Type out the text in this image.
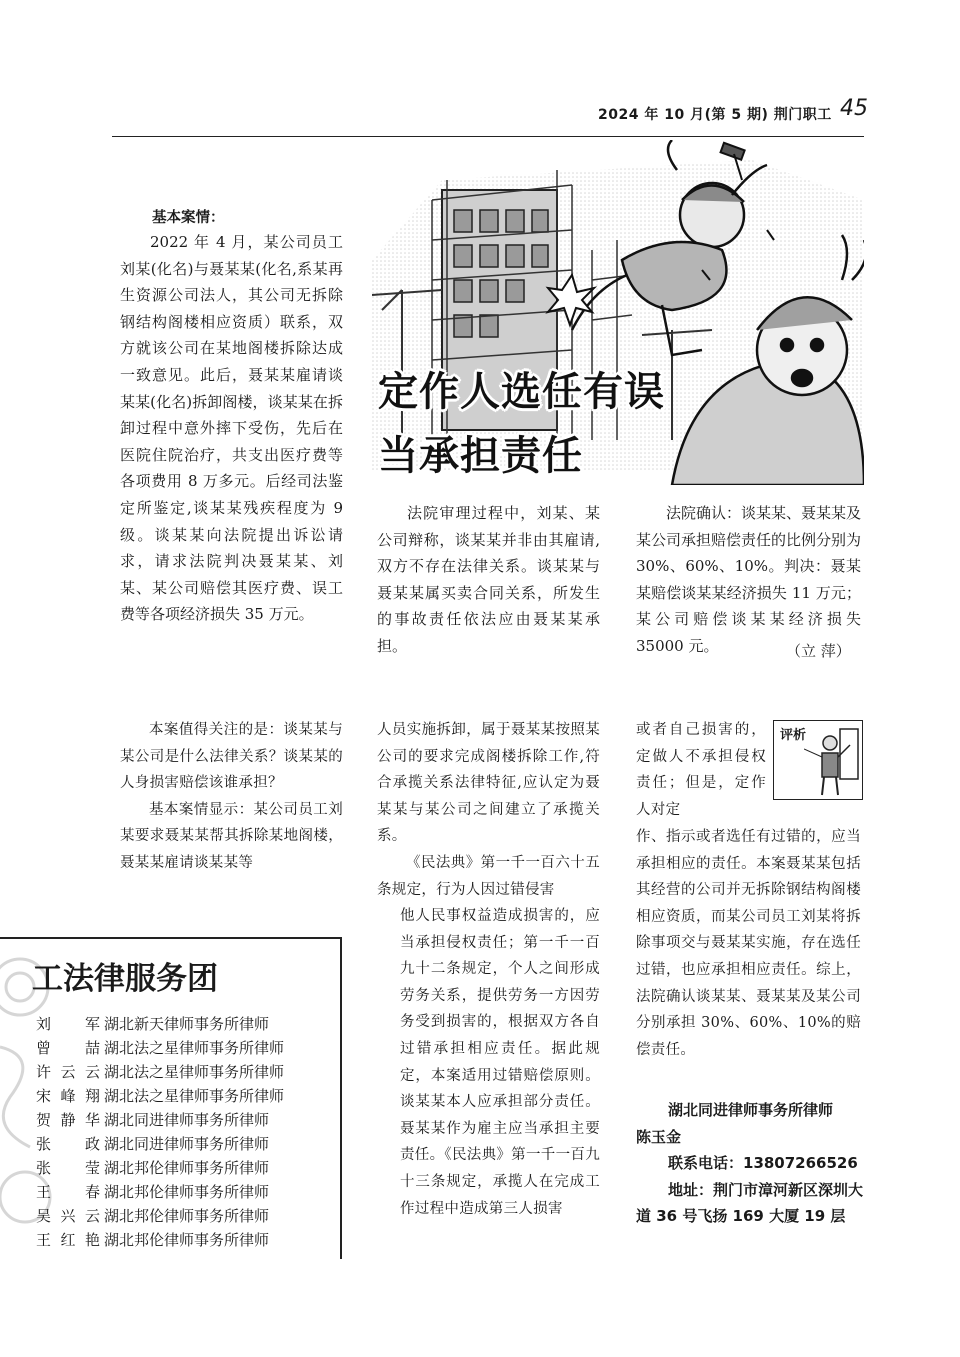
2024 年 10 月(第 5 期) 荆门职工 45
定作人选任有误
当承担责任
基本案情：

2022 年 4 月，某公司员工刘某(化名)与聂某某(化名,系某再生资源公司法人，其公司无拆除钢结构阁楼相应资质）联系，双方就该公司在某地阁楼拆除达成一致意见。此后，聂某某雇请谈某某(化名)拆卸阁楼，谈某某在拆卸过程中意外摔下受伤，先后在医院住院治疗，共支出医疗费等各项费用 8 万多元。后经司法鉴定所鉴定,谈某某残疾程度为 9 级。谈某某向法院提出诉讼请求，请求法院判决聂某某、刘某、某公司赔偿其医疗费、误工费等各项经济损失 35 万元。

法院审理过程中，刘某、某公司辩称，谈某某并非由其雇请,双方不存在法律关系。谈某某与聂某某属买卖合同关系，所发生的事故责任依法应由聂某某承担。

法院确认：谈某某、聂某某及某公司承担赔偿责任的比例分别为 30%、60%、10%。判决：聂某某赔偿谈某某经济损失 11 万元；某公司赔偿谈某某经济损失 35000 元。	（立 萍）

本案值得关注的是：谈某某与某公司是什么法律关系？谈某某的人身损害赔偿该谁承担？

基本案情显示：某公司员工刘某要求聂某某帮其拆除某地阁楼，聂某某雇请谈某某等

人员实施拆卸，属于聂某某按照某公司的要求完成阁楼拆除工作,符合承揽关系法律特征,应认定为聂某某与某公司之间建立了承揽关系。

《民法典》第一千一百六十五条规定，行为人因过错侵害

他人民事权益造成损害的，应当承担侵权责任；第一千一百九十二条规定，个人之间形成劳务关系，提供劳务一方因劳务受到损害的，根据双方各自过错承担相应责任。据此规定，本案适用过错赔偿原则。谈某某本人应承担部分责任。聂某某作为雇主应当承担主要责任。《民法典》第一千一百九十三条规定，承揽人在完成工作过程中造成第三人损害

或者自己损害的，定做人不承担侵权责任；但是，定作人对定

评析

作、指示或者选任有过错的，应当承担相应的责任。本案聂某某包括其经营的公司并无拆除钢结构阁楼相应资质，而某公司员工刘某将拆除事项交与聂某某实施，存在选任过错，也应承担相应责任。综上，法院确认谈某某、聂某某及某公司分别承担 30%、60%、10%的赔偿责任。

湖北同进律师事务所律师
陈玉金
联系电话：13807266526
地址：荆门市漳河新区深圳大道 36 号飞扬 169 大厦 19 层
工法律服务团
刘 军 湖北新天律师事务所律师
曾 喆 湖北法之星律师事务所律师
许云云 湖北法之星律师事务所律师
宋峰翔 湖北法之星律师事务所律师
贺静华 湖北同进律师事务所律师
张 政 湖北同进律师事务所律师
张 莹 湖北邦伦律师事务所律师
王 春 湖北邦伦律师事务所律师
吴兴云 湖北邦伦律师事务所律师
王红艳 湖北邦伦律师事务所律师
